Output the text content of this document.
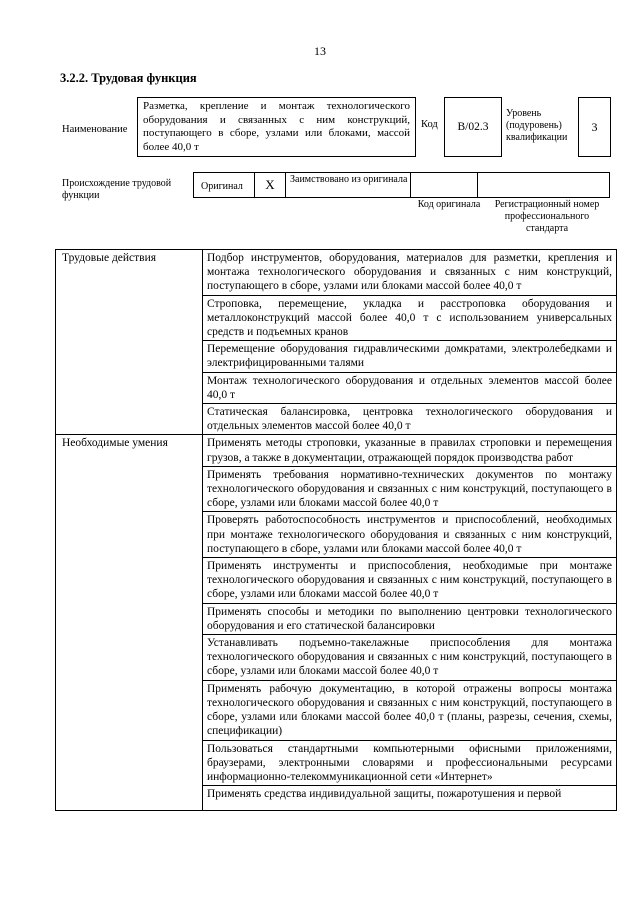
13
3.2.2. Трудовая функция
Наименование
Разметка, крепление и монтаж технологического оборудования и связанных с ним конструкций, поступающего в сборе, узлами или блоками, массой более 40,0 т
Код	B/02.3
Уровень (подуровень) квалификации
3
Происхождение трудовой функции
Оригинал	X	Заимствовано из оригинала
Код оригинала	Регистрационный номер профессионального стандарта
Трудовые действия	Подбор инструментов, оборудования, материалов для разметки, крепления и монтажа технологического оборудования и связанных с ним конструкций, поступающего в сборе, узлами или блоками массой более 40,0 т
	Строповка, перемещение, укладка и расстроповка оборудования и металлоконструкций массой более 40,0 т с использованием универсальных средств и подъемных кранов
	Перемещение оборудования гидравлическими домкратами, электролебедками и электрифицированными талями
	Монтаж технологического оборудования и отдельных элементов массой более 40,0 т
	Статическая балансировка, центровка технологического оборудования и отдельных элементов массой более 40,0 т
Необходимые умения	Применять методы строповки, указанные в правилах строповки и перемещения грузов, а также в документации, отражающей порядок производства работ
	Применять требования нормативно-технических документов по монтажу технологического оборудования и связанных с ним конструкций, поступающего в сборе, узлами или блоками массой более 40,0 т
	Проверять работоспособность инструментов и приспособлений, необходимых при монтаже технологического оборудования и связанных с ним конструкций, поступающего в сборе, узлами или блоками массой более 40,0 т
	Применять инструменты и приспособления, необходимые при монтаже технологического оборудования и связанных с ним конструкций, поступающего в сборе, узлами или блоками массой более 40,0 т
	Применять способы и методики по выполнению центровки технологического оборудования и его статической балансировки
	Устанавливать подъемно-такелажные приспособления для монтажа технологического оборудования и связанных с ним конструкций, поступающего в сборе, узлами или блоками массой более 40,0 т
	Применять рабочую документацию, в которой отражены вопросы монтажа технологического оборудования и связанных с ним конструкций, поступающего в сборе, узлами или блоками массой более 40,0 т (планы, разрезы, сечения, схемы, спецификации)
	Пользоваться стандартными компьютерными офисными приложениями, браузерами, электронными словарями и профессиональными ресурсами информационно-телекоммуникационной сети «Интернет»
	Применять средства индивидуальной защиты, пожаротушения и первой
